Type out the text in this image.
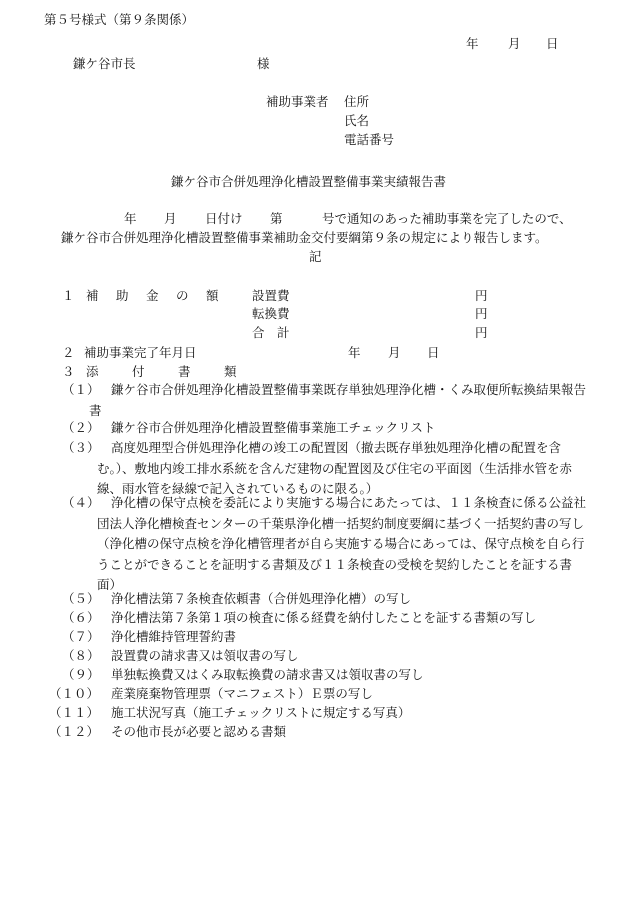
第５号様式（第９条関係）
年 月 日
鎌ケ谷市長	様
補助事業者 住所
氏名
電話番号
鎌ケ谷市合併処理浄化槽設置整備事業実績報告書
年 月 日付け 第	号で通知のあった補助事業を完了したので、
鎌ケ谷市合併処理浄化槽設置整備事業補助金交付要綱第９条の規定により報告します。
記
１ 補 助 金 の 額	設置費	円
転換費	円
合　計	円
２ 補助事業完了年月日	年 月 日
３ 添	付	書	類
（１） 鎌ケ谷市合併処理浄化槽設置整備事業既存単独処理浄化槽・くみ取便所転換結果報告書
（２） 鎌ケ谷市合併処理浄化槽設置整備事業施工チェックリスト
（３） 高度処理型合併処理浄化槽の竣工の配置図（撤去既存単独処理浄化槽の配置を含む。）、敷地内竣工排水系統を含んだ建物の配置図及び住宅の平面図（生活排水管を赤線、雨水管を緑線で記入されているものに限る。）
（４） 浄化槽の保守点検を委託により実施する場合にあたっては、１１条検査に係る公益社団法人浄化槽検査センターの千葉県浄化槽一括契約制度要綱に基づく一括契約書の写し（浄化槽の保守点検を浄化槽管理者が自ら実施する場合にあっては、保守点検を自ら行うことができることを証明する書類及び１１条検査の受検を契約したことを証する書面）
（５） 浄化槽法第７条検査依頼書（合併処理浄化槽）の写し
（６） 浄化槽法第７条第１項の検査に係る経費を納付したことを証する書類の写し
（７） 浄化槽維持管理誓約書
（８） 設置費の請求書又は領収書の写し
（９） 単独転換費又はくみ取転換費の請求書又は領収書の写し
（１０） 産業廃棄物管理票（マニフェスト）Ｅ票の写し
（１１） 施工状況写真（施工チェックリストに規定する写真）
（１２） その他市長が必要と認める書類
